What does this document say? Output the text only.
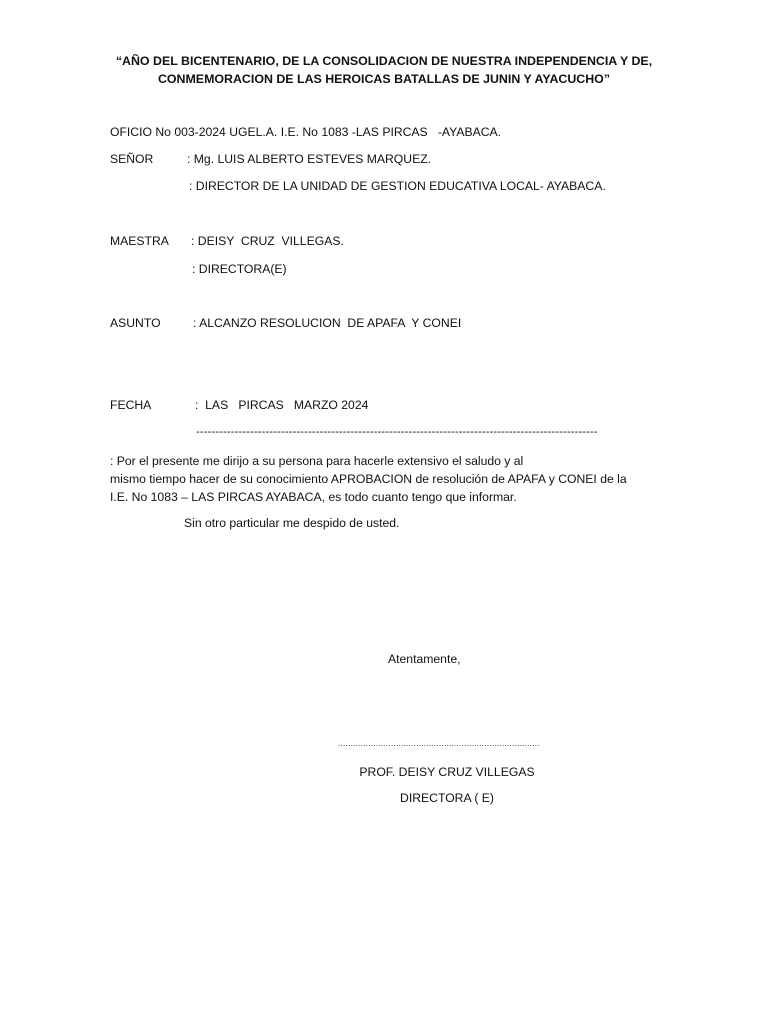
“AÑO DEL BICENTENARIO, DE LA CONSOLIDACION DE NUESTRA INDEPENDENCIA Y DE,
CONMEMORACION DE LAS HEROICAS BATALLAS DE JUNIN Y AYACUCHO”
OFICIO No 003-2024 UGEL.A. I.E. No 1083 -LAS PIRCAS   -AYABACA.
SEÑOR	: Mg. LUIS ALBERTO ESTEVES MARQUEZ.
: DIRECTOR DE LA UNIDAD DE GESTION EDUCATIVA LOCAL- AYABACA.
MAESTRA : DEISY  CRUZ  VILLEGAS.
: DIRECTORA(E)
ASUNTO	: ALCANZO RESOLUCION  DE APAFA  Y CONEI
FECHA	:  LAS   PIRCAS   MARZO 2024
--------------------------------------------------------------------------------------------------------
: Por el presente me dirijo a su persona para hacerle extensivo el saludo y al
mismo tiempo hacer de su conocimiento APROBACION de resolución de APAFA y CONEI de la
I.E. No 1083 – LAS PIRCAS AYABACA, es todo cuanto tengo que informar.
Sin otro particular me despido de usted.
Atentamente,
................................................................................
PROF. DEISY CRUZ VILLEGAS
DIRECTORA ( E)
